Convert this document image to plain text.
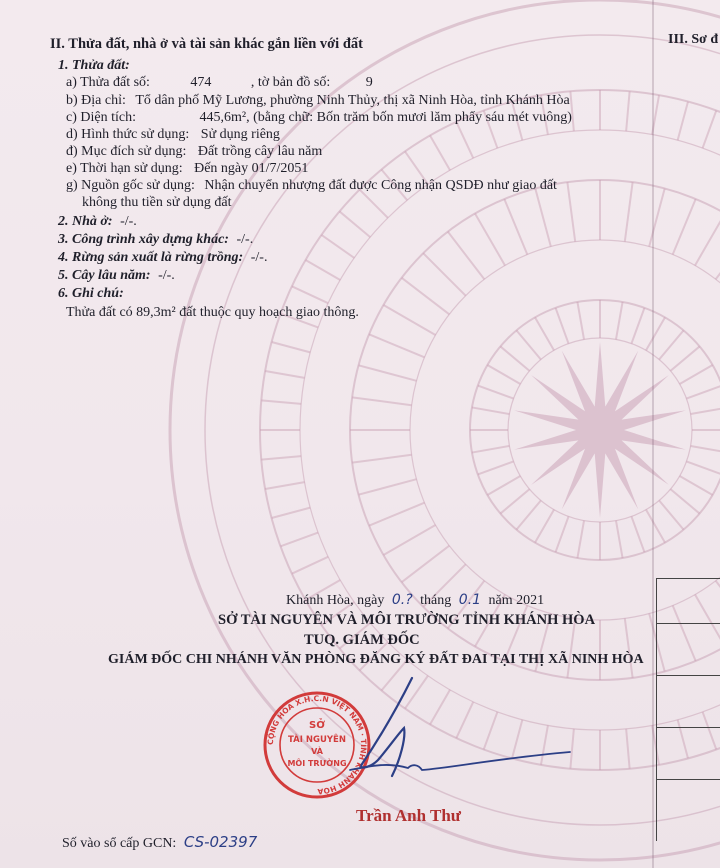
III. Sơ đ
II. Thửa đất, nhà ở và tài sản khác gắn liền với đất
1. Thửa đất:
a) Thửa đất số:	474	, tờ bản đồ số:	9
b) Địa chỉ: Tổ dân phố Mỹ Lương, phường Ninh Thủy, thị xã Ninh Hòa, tỉnh Khánh Hòa
c) Diện tích:	445,6m², (bằng chữ: Bốn trăm bốn mươi lăm phẩy sáu mét vuông)
d) Hình thức sử dụng: Sử dụng riêng
đ) Mục đích sử dụng: Đất trồng cây lâu năm
e) Thời hạn sử dụng: Đến ngày 01/7/2051
g) Nguồn gốc sử dụng: Nhận chuyển nhượng đất được Công nhận QSDĐ như giao đất
không thu tiền sử dụng đất
2. Nhà ở: -/-.
3. Công trình xây dựng khác: -/-.
4. Rừng sản xuất là rừng trồng: -/-.
5. Cây lâu năm: -/-.
6. Ghi chú:
Thửa đất có 89,3m² đất thuộc quy hoạch giao thông.
Khánh Hòa, ngày 0.? tháng 0.1 năm 2021
SỞ TÀI NGUYÊN VÀ MÔI TRƯỜNG TỈNH KHÁNH HÒA
TUQ. GIÁM ĐỐC
GIÁM ĐỐC CHI NHÁNH VĂN PHÒNG ĐĂNG KÝ ĐẤT ĐAI TẠI THỊ XÃ NINH HÒA
CỘNG HÒA X.H.C.N VIỆT NAM · TỈNH KHÁNH HÒA
SỞ
TÀI NGUYÊN
VÀ
MÔI TRƯỜNG
Trần Anh Thư
Số vào sổ cấp GCN: CS-02397
